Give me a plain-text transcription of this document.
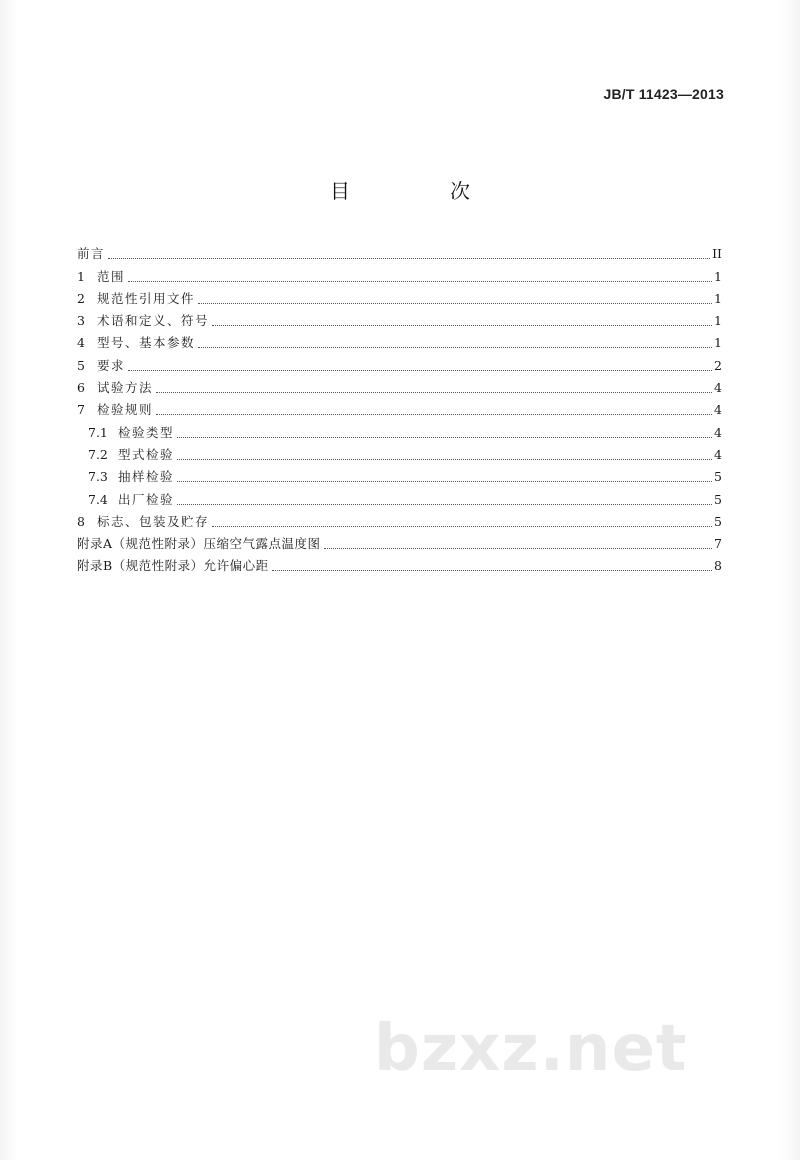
JB/T 11423—2013
目　次
前言	II
1 范围	1
2 规范性引用文件	1
3 术语和定义、符号	1
4 型号、基本参数	1
5 要求	2
6 试验方法	4
7 检验规则	4
7.1 检验类型	4
7.2 型式检验	4
7.3 抽样检验	5
7.4 出厂检验	5
8 标志、包装及贮存	5
附录A（规范性附录）压缩空气露点温度图	7
附录B（规范性附录）允许偏心距	8
bzxz.net
